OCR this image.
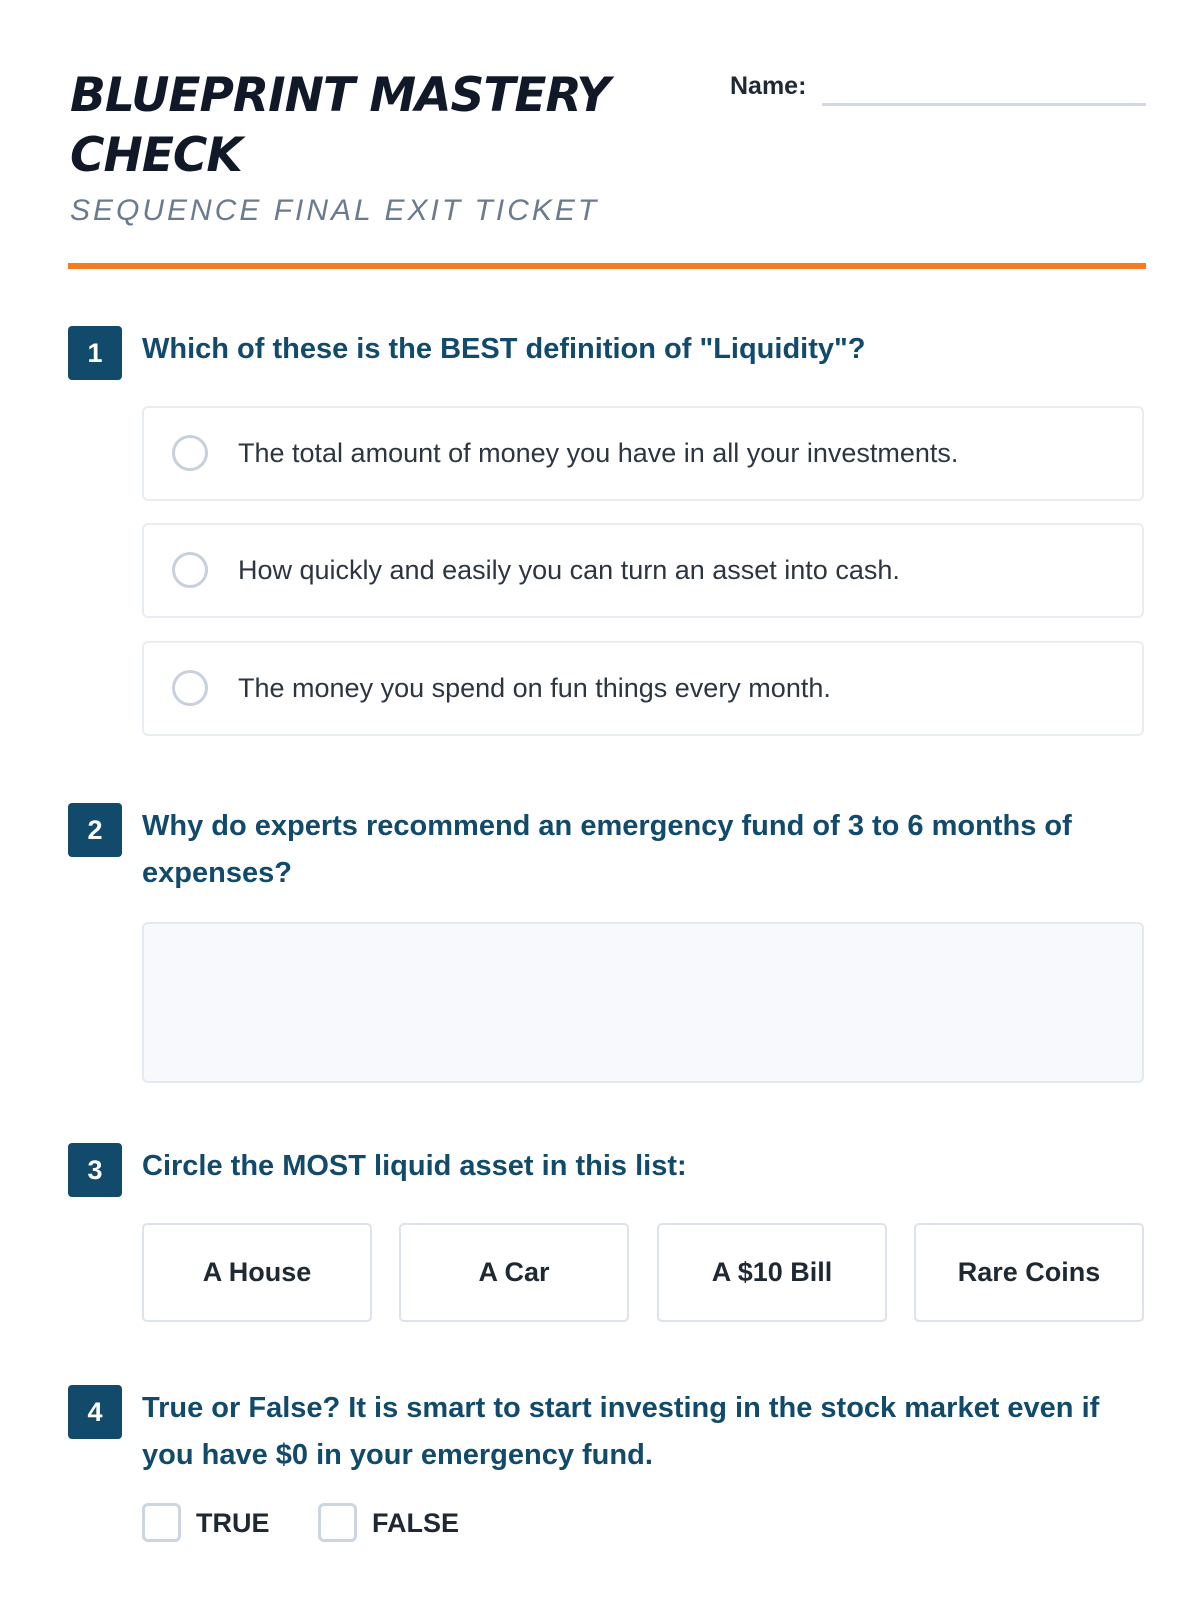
BLUEPRINT MASTERY CHECK

SEQUENCE FINAL EXIT TICKET

Name:
1	Which of these is the BEST definition of "Liquidity"?

The total amount of money you have in all your investments.
How quickly and easily you can turn an asset into cash.
The money you spend on fun things every month.
2	Why do experts recommend an emergency fund of 3 to 6 months of expenses?

3	Circle the MOST liquid asset in this list:

A House	A Car	A $10 Bill	Rare Coins
4	True or False? It is smart to start investing in the stock market even if you have $0 in your emergency fund.

TRUE	FALSE
